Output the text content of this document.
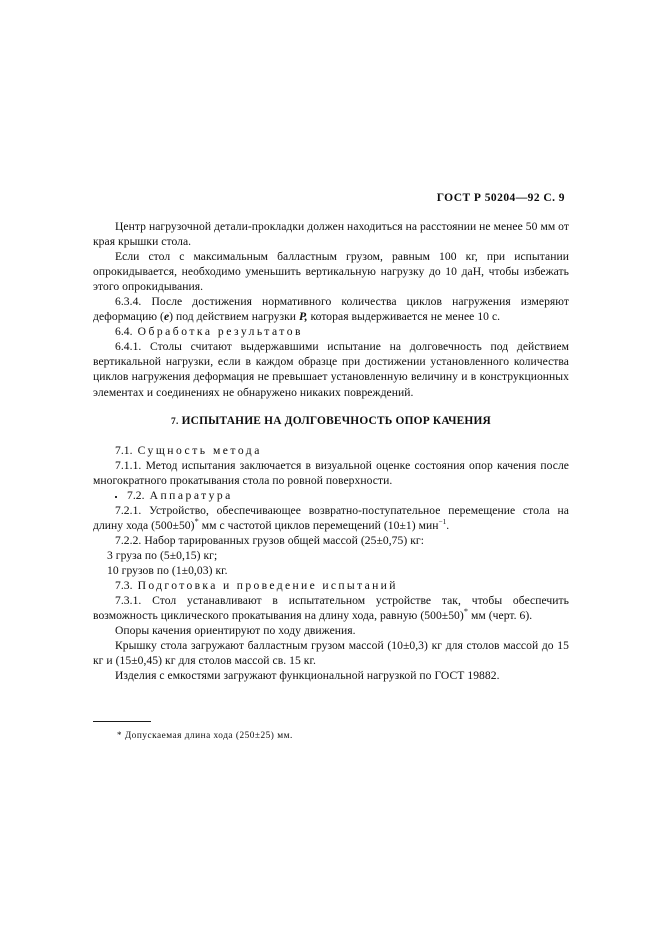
ГОСТ Р 50204—92 С. 9

Центр нагрузочной детали-прокладки должен находиться на расстоянии не менее 50 мм от края крышки стола.

Если стол с максимальным балластным грузом, равным 100 кг, при испытании опрокидывается, необходимо уменьшить вертикальную нагрузку до 10 даН, чтобы избежать этого опрокидывания.

6.3.4. После достижения нормативного количества циклов нагружения измеряют деформацию (e) под действием нагрузки P, которая выдерживается не менее 10 с.

6.4. Обработка результатов

6.4.1. Столы считают выдержавшими испытание на долговечность под действием вертикальной нагрузки, если в каждом образце при достижении установленного количества циклов нагружения деформация не превышает установленную величину и в конструкционных элементах и соединениях не обнаружено никаких повреждений.

7. ИСПЫТАНИЕ НА ДОЛГОВЕЧНОСТЬ ОПОР КАЧЕНИЯ

7.1. Сущность метода

7.1.1. Метод испытания заключается в визуальной оценке состояния опор качения после многократного прокатывания стола по ровной поверхности.

7.2. Аппаратура

7.2.1. Устройство, обеспечивающее возвратно-поступательное перемещение стола на длину хода (500±50)* мм с частотой циклов перемещений (10±1) мин$^{-1}$.

7.2.2. Набор тарированных грузов общей массой (25±0,75) кг:

3 груза по (5±0,15) кг;

10 грузов по (1±0,03) кг.

7.3. Подготовка и проведение испытаний

7.3.1. Стол устанавливают в испытательном устройстве так, чтобы обеспечить возможность циклического прокатывания на длину хода, равную (500±50)* мм (черт. 6).

Опоры качения ориентируют по ходу движения.

Крышку стола загружают балластным грузом массой (10±0,3) кг для столов массой до 15 кг и (15±0,45) кг для столов массой св. 15 кг.

Изделия с емкостями загружают функциональной нагрузкой по ГОСТ 19882.

* Допускаемая длина хода (250±25) мм.
